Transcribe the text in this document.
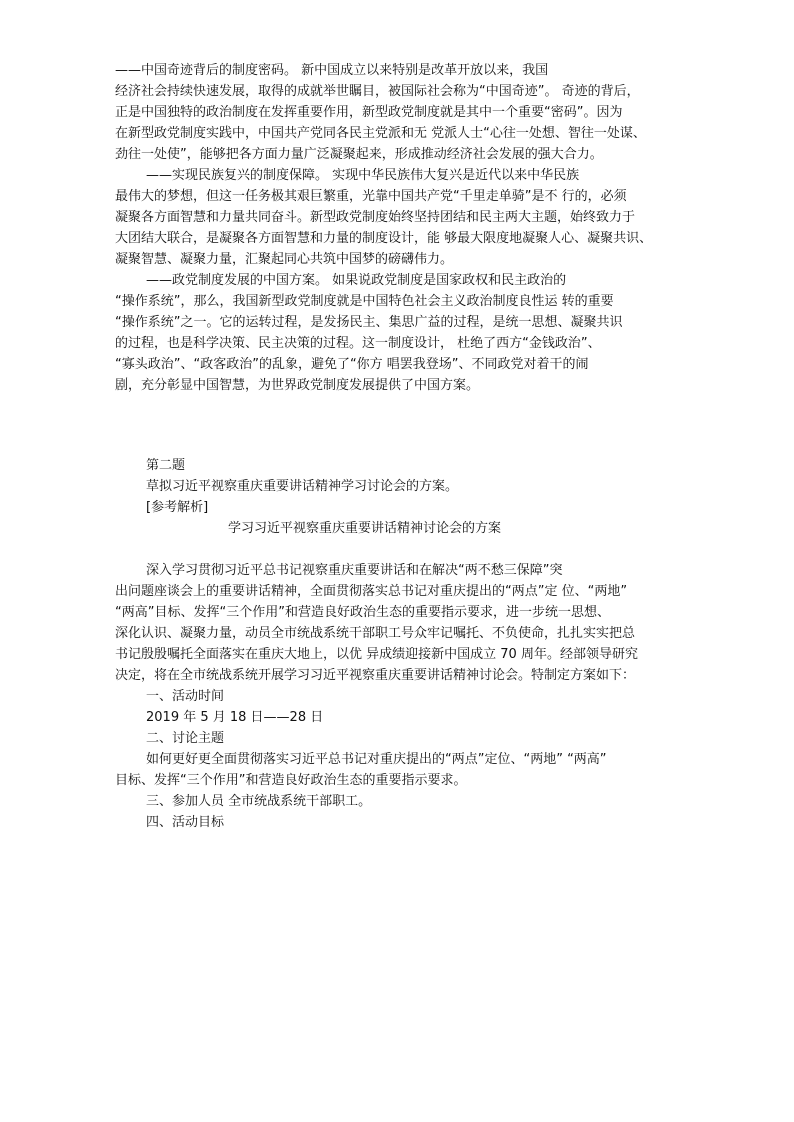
——中国奇迹背后的制度密码。 新中国成立以来特别是改革开放以来，我国
经济社会持续快速发展，取得的成就举世瞩目，被国际社会称为“中国奇迹”。 奇迹的背后，
正是中国独特的政治制度在发挥重要作用，新型政党制度就是其中一个重要“密码”。因为
在新型政党制度实践中，中国共产党同各民主党派和无 党派人士“心往一处想、智往一处谋、
劲往一处使”，能够把各方面力量广泛凝聚起来，形成推动经济社会发展的强大合力。
——实现民族复兴的制度保障。 实现中华民族伟大复兴是近代以来中华民族
最伟大的梦想，但这一任务极其艰巨繁重，光靠中国共产党“千里走单骑”是不 行的，必须
凝聚各方面智慧和力量共同奋斗。新型政党制度始终坚持团结和民主两大主题，始终致力于
大团结大联合，是凝聚各方面智慧和力量的制度设计，能 够最大限度地凝聚人心、凝聚共识、
凝聚智慧、凝聚力量，汇聚起同心共筑中国梦的磅礴伟力。
——政党制度发展的中国方案。 如果说政党制度是国家政权和民主政治的
“操作系统”，那么，我国新型政党制度就是中国特色社会主义政治制度良性运 转的重要
“操作系统”之一。它的运转过程，是发扬民主、集思广益的过程，是统一思想、凝聚共识
的过程，也是科学决策、民主决策的过程。这一制度设计， 杜绝了西方“金钱政治”、
“寡头政治”、“政客政治”的乱象，避免了“你方 唱罢我登场”、不同政党对着干的闹
剧，充分彰显中国智慧，为世界政党制度发展提供了中国方案。
第二题
草拟习近平视察重庆重要讲话精神学习讨论会的方案。
[参考解析]
学习习近平视察重庆重要讲话精神讨论会的方案
深入学习贯彻习近平总书记视察重庆重要讲话和在解决“两不愁三保障”突
出问题座谈会上的重要讲话精神，全面贯彻落实总书记对重庆提出的“两点”定 位、“两地”
“两高”目标、发挥“三个作用”和营造良好政治生态的重要指示要求，进一步统一思想、
深化认识、凝聚力量，动员全市统战系统干部职工号众牢记嘱托、不负使命，扎扎实实把总
书记殷殷嘱托全面落实在重庆大地上，以优 异成绩迎接新中国成立 70 周年。经部领导研究
决定，将在全市统战系统开展学习习近平视察重庆重要讲话精神讨论会。特制定方案如下：
一、活动时间
2019 年 5 月 18 日——28 日
二、讨论主题
如何更好更全面贯彻落实习近平总书记对重庆提出的“两点”定位、“两地” “两高”
目标、发挥“三个作用”和营造良好政治生态的重要指示要求。
三、参加人员 全市统战系统干部职工。
四、活动目标
